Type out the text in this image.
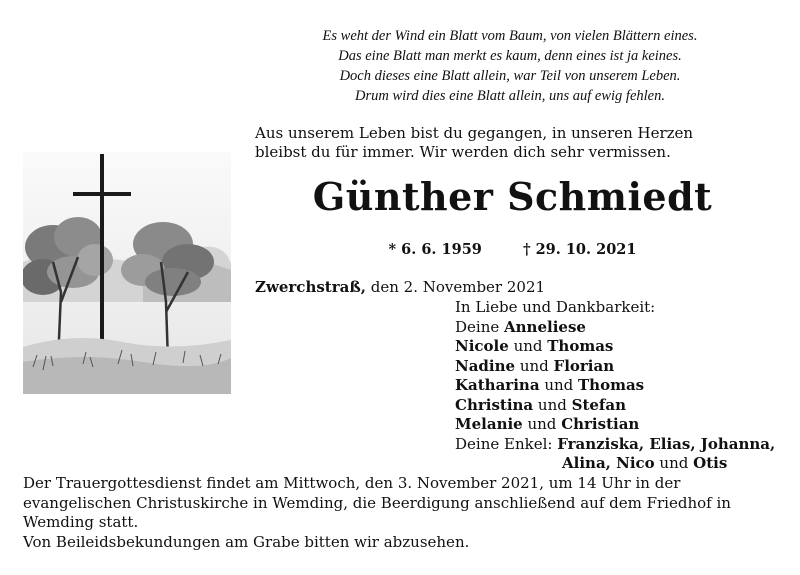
Es weht der Wind ein Blatt vom Baum, von vielen Blättern eines.
Das eine Blatt man merkt es kaum, denn eines ist ja keines.
Doch dieses eine Blatt allein, war Teil von unserem Leben.
Drum wird dies eine Blatt allein, uns auf ewig fehlen.
Aus unserem Leben bist du gegangen, in unseren Herzen
bleibst du für immer. Wir werden dich sehr vermissen.
Günther Schmiedt
* 6. 6. 1959	† 29. 10. 2021
Zwerchstraß, den 2. November 2021
In Liebe und Dankbarkeit:
Deine Anneliese
Nicole und Thomas
Nadine und Florian
Katharina und Thomas
Christina und Stefan
Melanie und Christian
Deine Enkel: Franziska, Elias, Johanna,
Alina, Nico und Otis
Der Trauergottesdienst findet am Mittwoch, den 3. November 2021, um 14 Uhr in der
evangelischen Christuskirche in Wemding, die Beerdigung anschließend auf dem Friedhof in
Wemding statt.
Von Beileidsbekundungen am Grabe bitten wir abzusehen.
